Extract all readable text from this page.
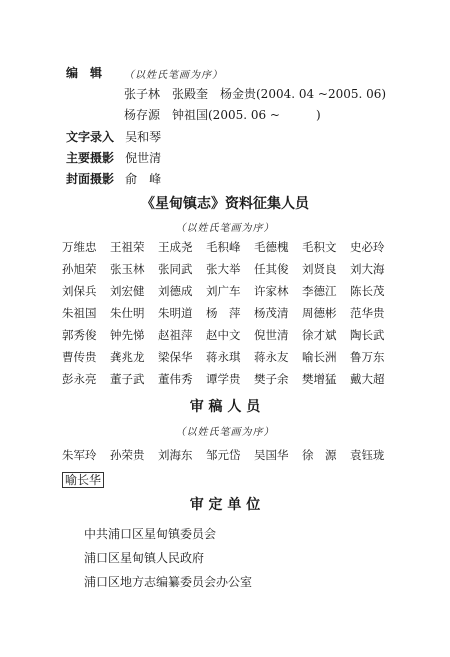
编　辑 （以姓氏笔画为序）
张子林　张殿奎　杨金贵(2004. 04 ~2005. 06)
杨存源　钟祖国(2005. 06 ~　　　)
文字录入 吴和琴
主要摄影 倪世清
封面摄影 俞　峰
《星甸镇志》资料征集人员
（以姓氏笔画为序）
万维忠	王祖荣	王成尧	毛积峰	毛德槐	毛积文	史必玲
孙旭荣	张玉林	张同武	张大举	任其俊	刘贤良	刘大海
刘保兵	刘宏健	刘德成	刘广车	许家林	李德江	陈长茂
朱祖国	朱仕明	朱明道	杨　萍	杨茂清	周德彬	范华贵
郭秀俊	钟先悌	赵祖萍	赵中文	倪世清	徐才斌	陶长武
曹传贵	龚兆龙	梁保华	蒋永琪	蒋永友	喻长洲	鲁万东
彭永亮	董子武	董伟秀	谭学贵	樊子余	樊增猛	戴大超
审 稿 人 员
（以姓氏笔画为序）
朱军玲	孙荣贵	刘海东	邹元岱	吴国华	徐　源	袁钰珑
喻长华
审 定 单 位
中共浦口区星甸镇委员会
浦口区星甸镇人民政府
浦口区地方志编纂委员会办公室
